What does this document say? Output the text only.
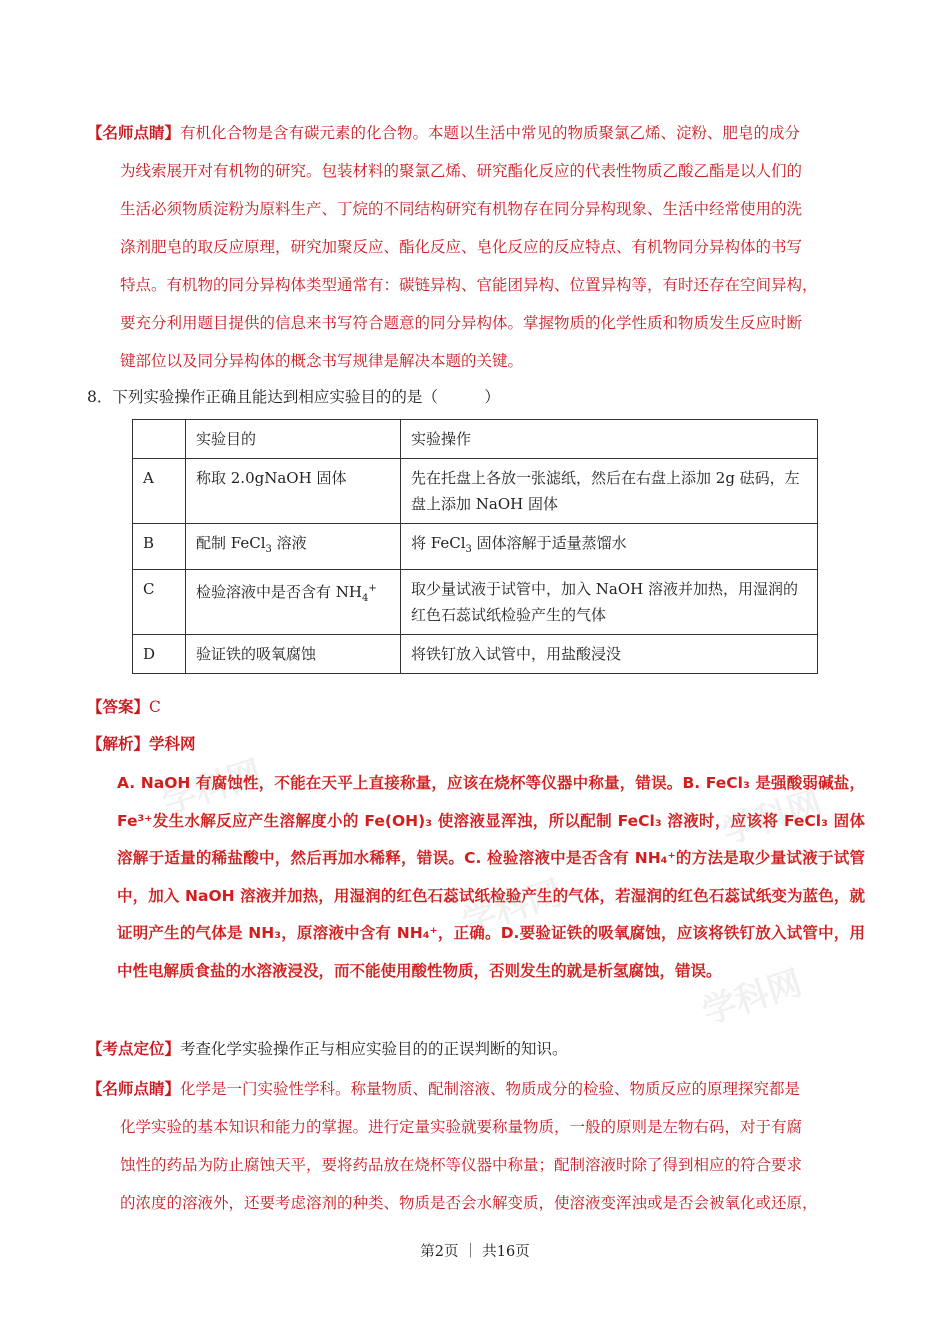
【名师点睛】有机化合物是含有碳元素的化合物。本题以生活中常见的物质聚氯乙烯、淀粉、肥皂的成分
为线索展开对有机物的研究。包装材料的聚氯乙烯、研究酯化反应的代表性物质乙酸乙酯是以人们的
生活必须物质淀粉为原料生产、丁烷的不同结构研究有机物存在同分异构现象、生活中经常使用的洗
涤剂肥皂的取反应原理，研究加聚反应、酯化反应、皂化反应的反应特点、有机物同分异构体的书写
特点。有机物的同分异构体类型通常有：碳链异构、官能团异构、位置异构等，有时还存在空间异构，
要充分利用题目提供的信息来书写符合题意的同分异构体。掌握物质的化学性质和物质发生反应时断
键部位以及同分异构体的概念书写规律是解决本题的关键。
8．下列实验操作正确且能达到相应实验目的的是（　　　）
	实验目的	实验操作
A	称取 2.0gNaOH 固体	先在托盘上各放一张滤纸，然后在右盘上添加 2g 砝码，左盘上添加 NaOH 固体
B	配制 FeCl$_3$ 溶液	将 FeCl$_3$ 固体溶解于适量蒸馏水
C	检验溶液中是否含有 $NH_4^+$	取少量试液于试管中，加入 NaOH 溶液并加热，用湿润的红色石蕊试纸检验产生的气体
D	验证铁的吸氧腐蚀	将铁钉放入试管中，用盐酸浸没
【答案】C
【解析】学科网
学科网
学科网
学科网
学科网
A. NaOH 有腐蚀性，不能在天平上直接称量，应该在烧杯等仪器中称量，错误。B. FeCl₃ 是强酸弱碱盐，Fe³⁺发生水解反应产生溶解度小的 Fe(OH)₃ 使溶液显浑浊，所以配制 FeCl₃ 溶液时，应该将 FeCl₃ 固体溶解于适量的稀盐酸中，然后再加水稀释，错误。C. 检验溶液中是否含有 NH₄⁺的方法是取少量试液于试管中，加入 NaOH 溶液并加热，用湿润的红色石蕊试纸检验产生的气体，若湿润的红色石蕊试纸变为蓝色，就证明产生的气体是 NH₃，原溶液中含有 NH₄⁺，正确。D.要验证铁的吸氧腐蚀，应该将铁钉放入试管中，用中性电解质食盐的水溶液浸没，而不能使用酸性物质，否则发生的就是析氢腐蚀，错误。
【考点定位】考查化学实验操作正与相应实验目的的正误判断的知识。
【名师点睛】化学是一门实验性学科。称量物质、配制溶液、物质成分的检验、物质反应的原理探究都是
化学实验的基本知识和能力的掌握。进行定量实验就要称量物质，一般的原则是左物右码，对于有腐
蚀性的药品为防止腐蚀天平，要将药品放在烧杯等仪器中称量；配制溶液时除了得到相应的符合要求
的浓度的溶液外，还要考虑溶剂的种类、物质是否会水解变质，使溶液变浑浊或是否会被氧化或还原，
第2页 ｜ 共16页
